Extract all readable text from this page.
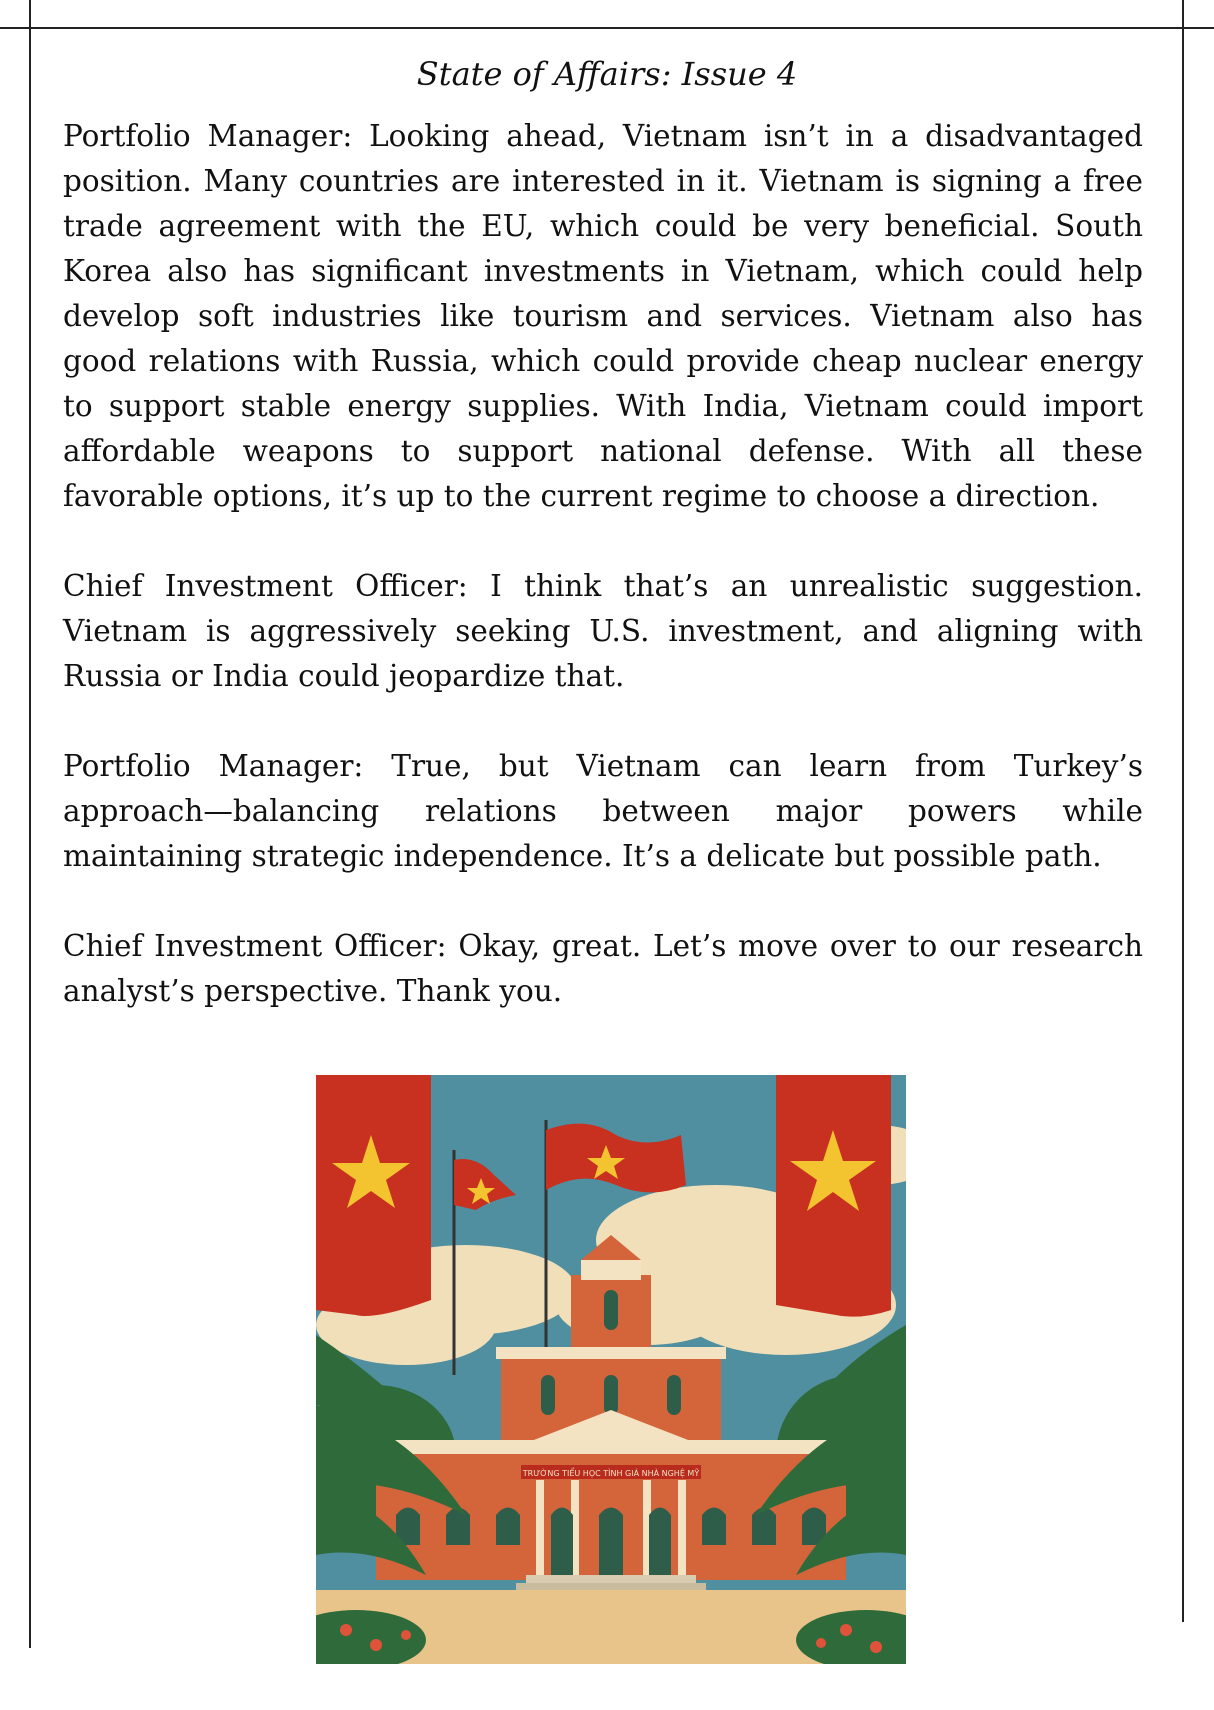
State of Affairs: Issue 4

Portfolio Manager: Looking ahead, Vietnam isn’t in a disadvantaged position. Many countries are interested in it. Vietnam is signing a free trade agreement with the EU, which could be very beneficial. South Korea also has significant investments in Vietnam, which could help develop soft industries like tourism and services. Vietnam also has good relations with Russia, which could provide cheap nuclear energy to support stable energy supplies. With India, Vietnam could import affordable weapons to support national defense. With all these favorable options, it’s up to the current regime to choose a direction.

Chief Investment Officer: I think that’s an unrealistic suggestion. Vietnam is aggressively seeking U.S. investment, and aligning with Russia or India could jeopardize that.

Portfolio Manager: True, but Vietnam can learn from Turkey’s approach—balancing relations between major powers while maintaining strategic independence. It’s a delicate but possible path.

Chief Investment Officer: Okay, great. Let’s move over to our research analyst’s perspective. Thank you.

TRƯỜNG TIỂU HỌC TÌNH GIÁ NHÀ NGHỆ MỸ
